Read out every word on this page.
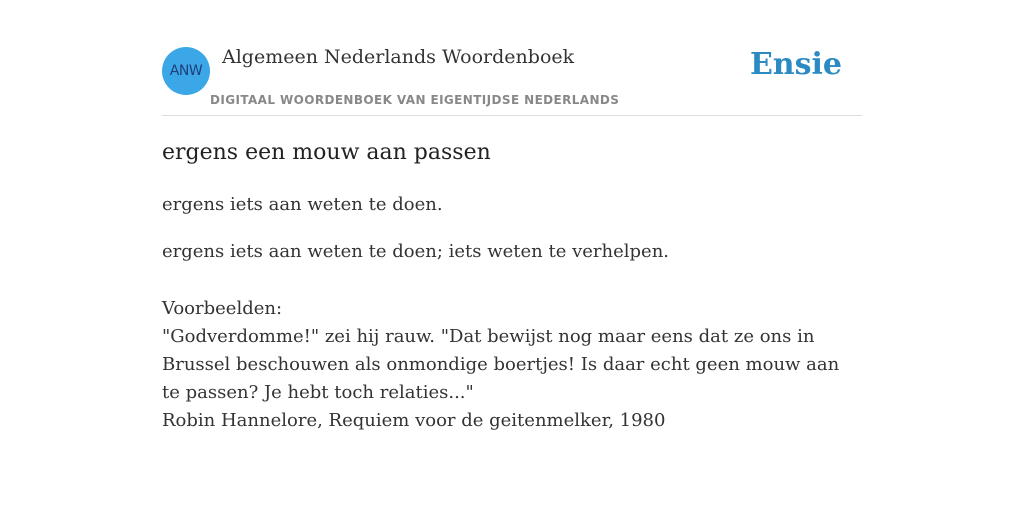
ANW
Algemeen Nederlands Woordenboek
DIGITAAL WOORDENBOEK VAN EIGENTIJDSE NEDERLANDS
Ensie
ergens een mouw aan passen
ergens iets aan weten te doen.
ergens iets aan weten te doen; iets weten te verhelpen.
Voorbeelden:
"Godverdomme!" zei hij rauw. "Dat bewijst nog maar eens dat ze ons in Brussel beschouwen als onmondige boertjes! Is daar echt geen mouw aan te passen? Je hebt toch relaties..."
Robin Hannelore, Requiem voor de geitenmelker, 1980
